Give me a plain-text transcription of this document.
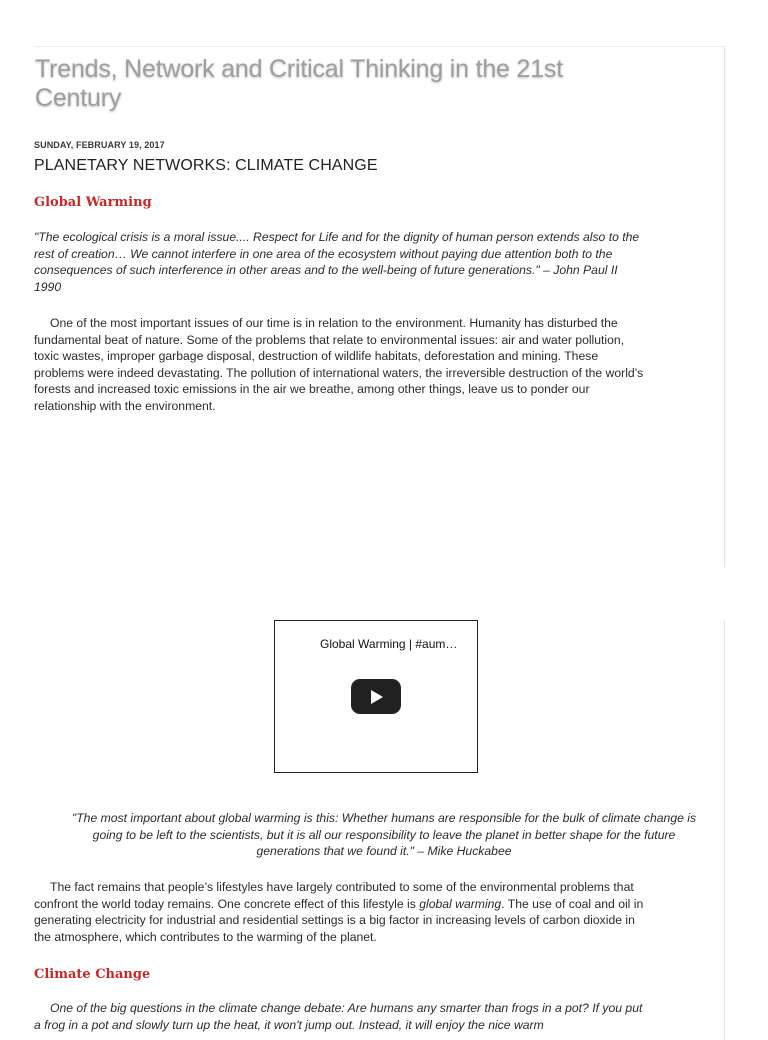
Trends, Network and Critical Thinking in the 21st Century
SUNDAY, FEBRUARY 19, 2017
PLANETARY NETWORKS: CLIMATE CHANGE
Global Warming

"The ecological crisis is a moral issue.... Respect for Life and for the dignity of human person extends also to the rest of creation… We cannot interfere in one area of the ecosystem without paying due attention both to the consequences of such interference in other areas and to the well-being of future generations." – John Paul II 1990

One of the most important issues of our time is in relation to the environment. Humanity has disturbed the fundamental beat of nature. Some of the problems that relate to environmental issues: air and water pollution, toxic wastes, improper garbage disposal, destruction of wildlife habitats, deforestation and mining. These problems were indeed devastating. The pollution of international waters, the irreversible destruction of the world’s forests and increased toxic emissions in the air we breathe, among other things, leave us to ponder our relationship with the environment.

Global Warming | #aum…

"The most important about global warming is this: Whether humans are responsible for the bulk of climate change is going to be left to the scientists, but it is all our responsibility to leave the planet in better shape for the future generations that we found it." – Mike Huckabee

The fact remains that people’s lifestyles have largely contributed to some of the environmental problems that confront the world today remains. One concrete effect of this lifestyle is global warming. The use of coal and oil in generating electricity for industrial and residential settings is a big factor in increasing levels of carbon dioxide in the atmosphere, which contributes to the warming of the planet.

Climate Change

One of the big questions in the climate change debate: Are humans any smarter than frogs in a pot? If you put a frog in a pot and slowly turn up the heat, it won't jump out. Instead, it will enjoy the nice warm
